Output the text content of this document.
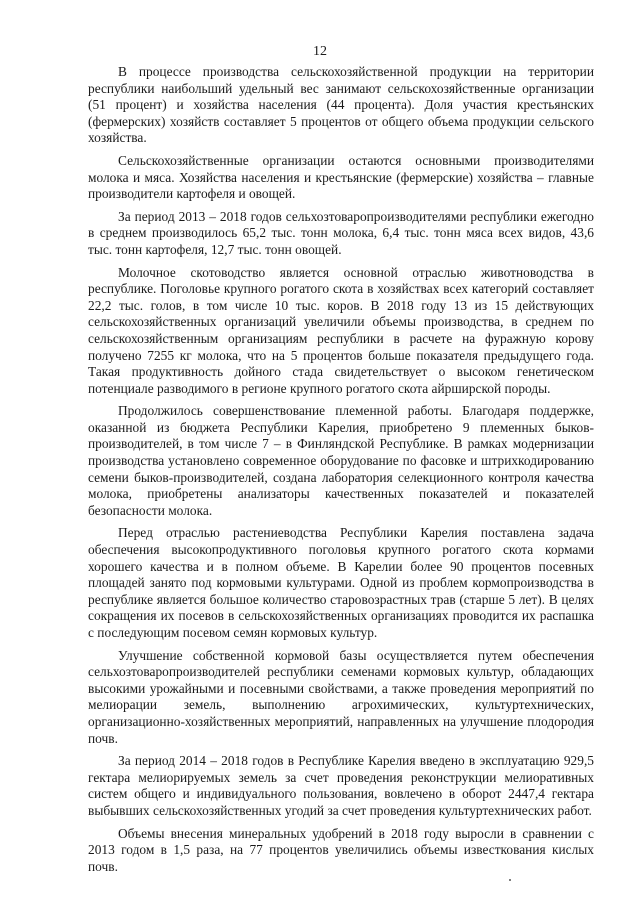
12

В процессе производства сельскохозяйственной продукции на территории республики наибольший удельный вес занимают сельскохозяйственные организации (51 процент) и хозяйства населения (44 процента). Доля участия крестьянских (фермерских) хозяйств составляет 5 процентов от общего объема продукции сельского хозяйства.

Сельскохозяйственные организации остаются основными производителями молока и мяса. Хозяйства населения и крестьянские (фермерские) хозяйства – главные производители картофеля и овощей.

За период 2013 – 2018 годов сельхозтоваропроизводителями республики ежегодно в среднем производилось 65,2 тыс. тонн молока, 6,4 тыс. тонн мяса всех видов, 43,6 тыс. тонн картофеля, 12,7 тыс. тонн овощей.

Молочное скотоводство является основной отраслью животноводства в республике. Поголовье крупного рогатого скота в хозяйствах всех категорий составляет 22,2 тыс. голов, в том числе 10 тыс. коров. В 2018 году 13 из 15 действующих сельскохозяйственных организаций увеличили объемы производства, в среднем по сельскохозяйственным организациям республики в расчете на фуражную корову получено 7255 кг молока, что на 5 процентов больше показателя предыдущего года. Такая продуктивность дойного стада свидетельствует о высоком генетическом потенциале разводимого в регионе крупного рогатого скота айрширской породы.

Продолжилось совершенствование племенной работы. Благодаря поддержке, оказанной из бюджета Республики Карелия, приобретено 9 племенных быков-производителей, в том числе 7 – в Финляндской Республике. В рамках модернизации производства установлено современное оборудование по фасовке и штрихкодированию семени быков-производителей, создана лаборатория селекционного контроля качества молока, приобретены анализаторы качественных показателей и показателей безопасности молока.

Перед отраслью растениеводства Республики Карелия поставлена задача обеспечения высокопродуктивного поголовья крупного рогатого скота кормами хорошего качества и в полном объеме. В Карелии более 90 процентов посевных площадей занято под кормовыми культурами. Одной из проблем кормопроизводства в республике является большое количество старовозрастных трав (старше 5 лет). В целях сокращения их посевов в сельскохозяйственных организациях проводится их распашка с последующим посевом семян кормовых культур.

Улучшение собственной кормовой базы осуществляется путем обеспечения сельхозтоваропроизводителей республики семенами кормовых культур, обладающих высокими урожайными и посевными свойствами, а также проведения мероприятий по мелиорации земель, выполнению агрохимических, культуртехнических, организационно-хозяйственных мероприятий, направленных на улучшение плодородия почв.

За период 2014 – 2018 годов в Республике Карелия введено в эксплуатацию 929,5 гектара мелиорируемых земель за счет проведения реконструкции мелиоративных систем общего и индивидуального пользования, вовлечено в оборот 2447,4 гектара выбывших сельскохозяйственных угодий за счет проведения культуртехнических работ.

Объемы внесения минеральных удобрений в 2018 году выросли в сравнении с 2013 годом в 1,5 раза, на 77 процентов увеличились объемы известкования кислых почв.
